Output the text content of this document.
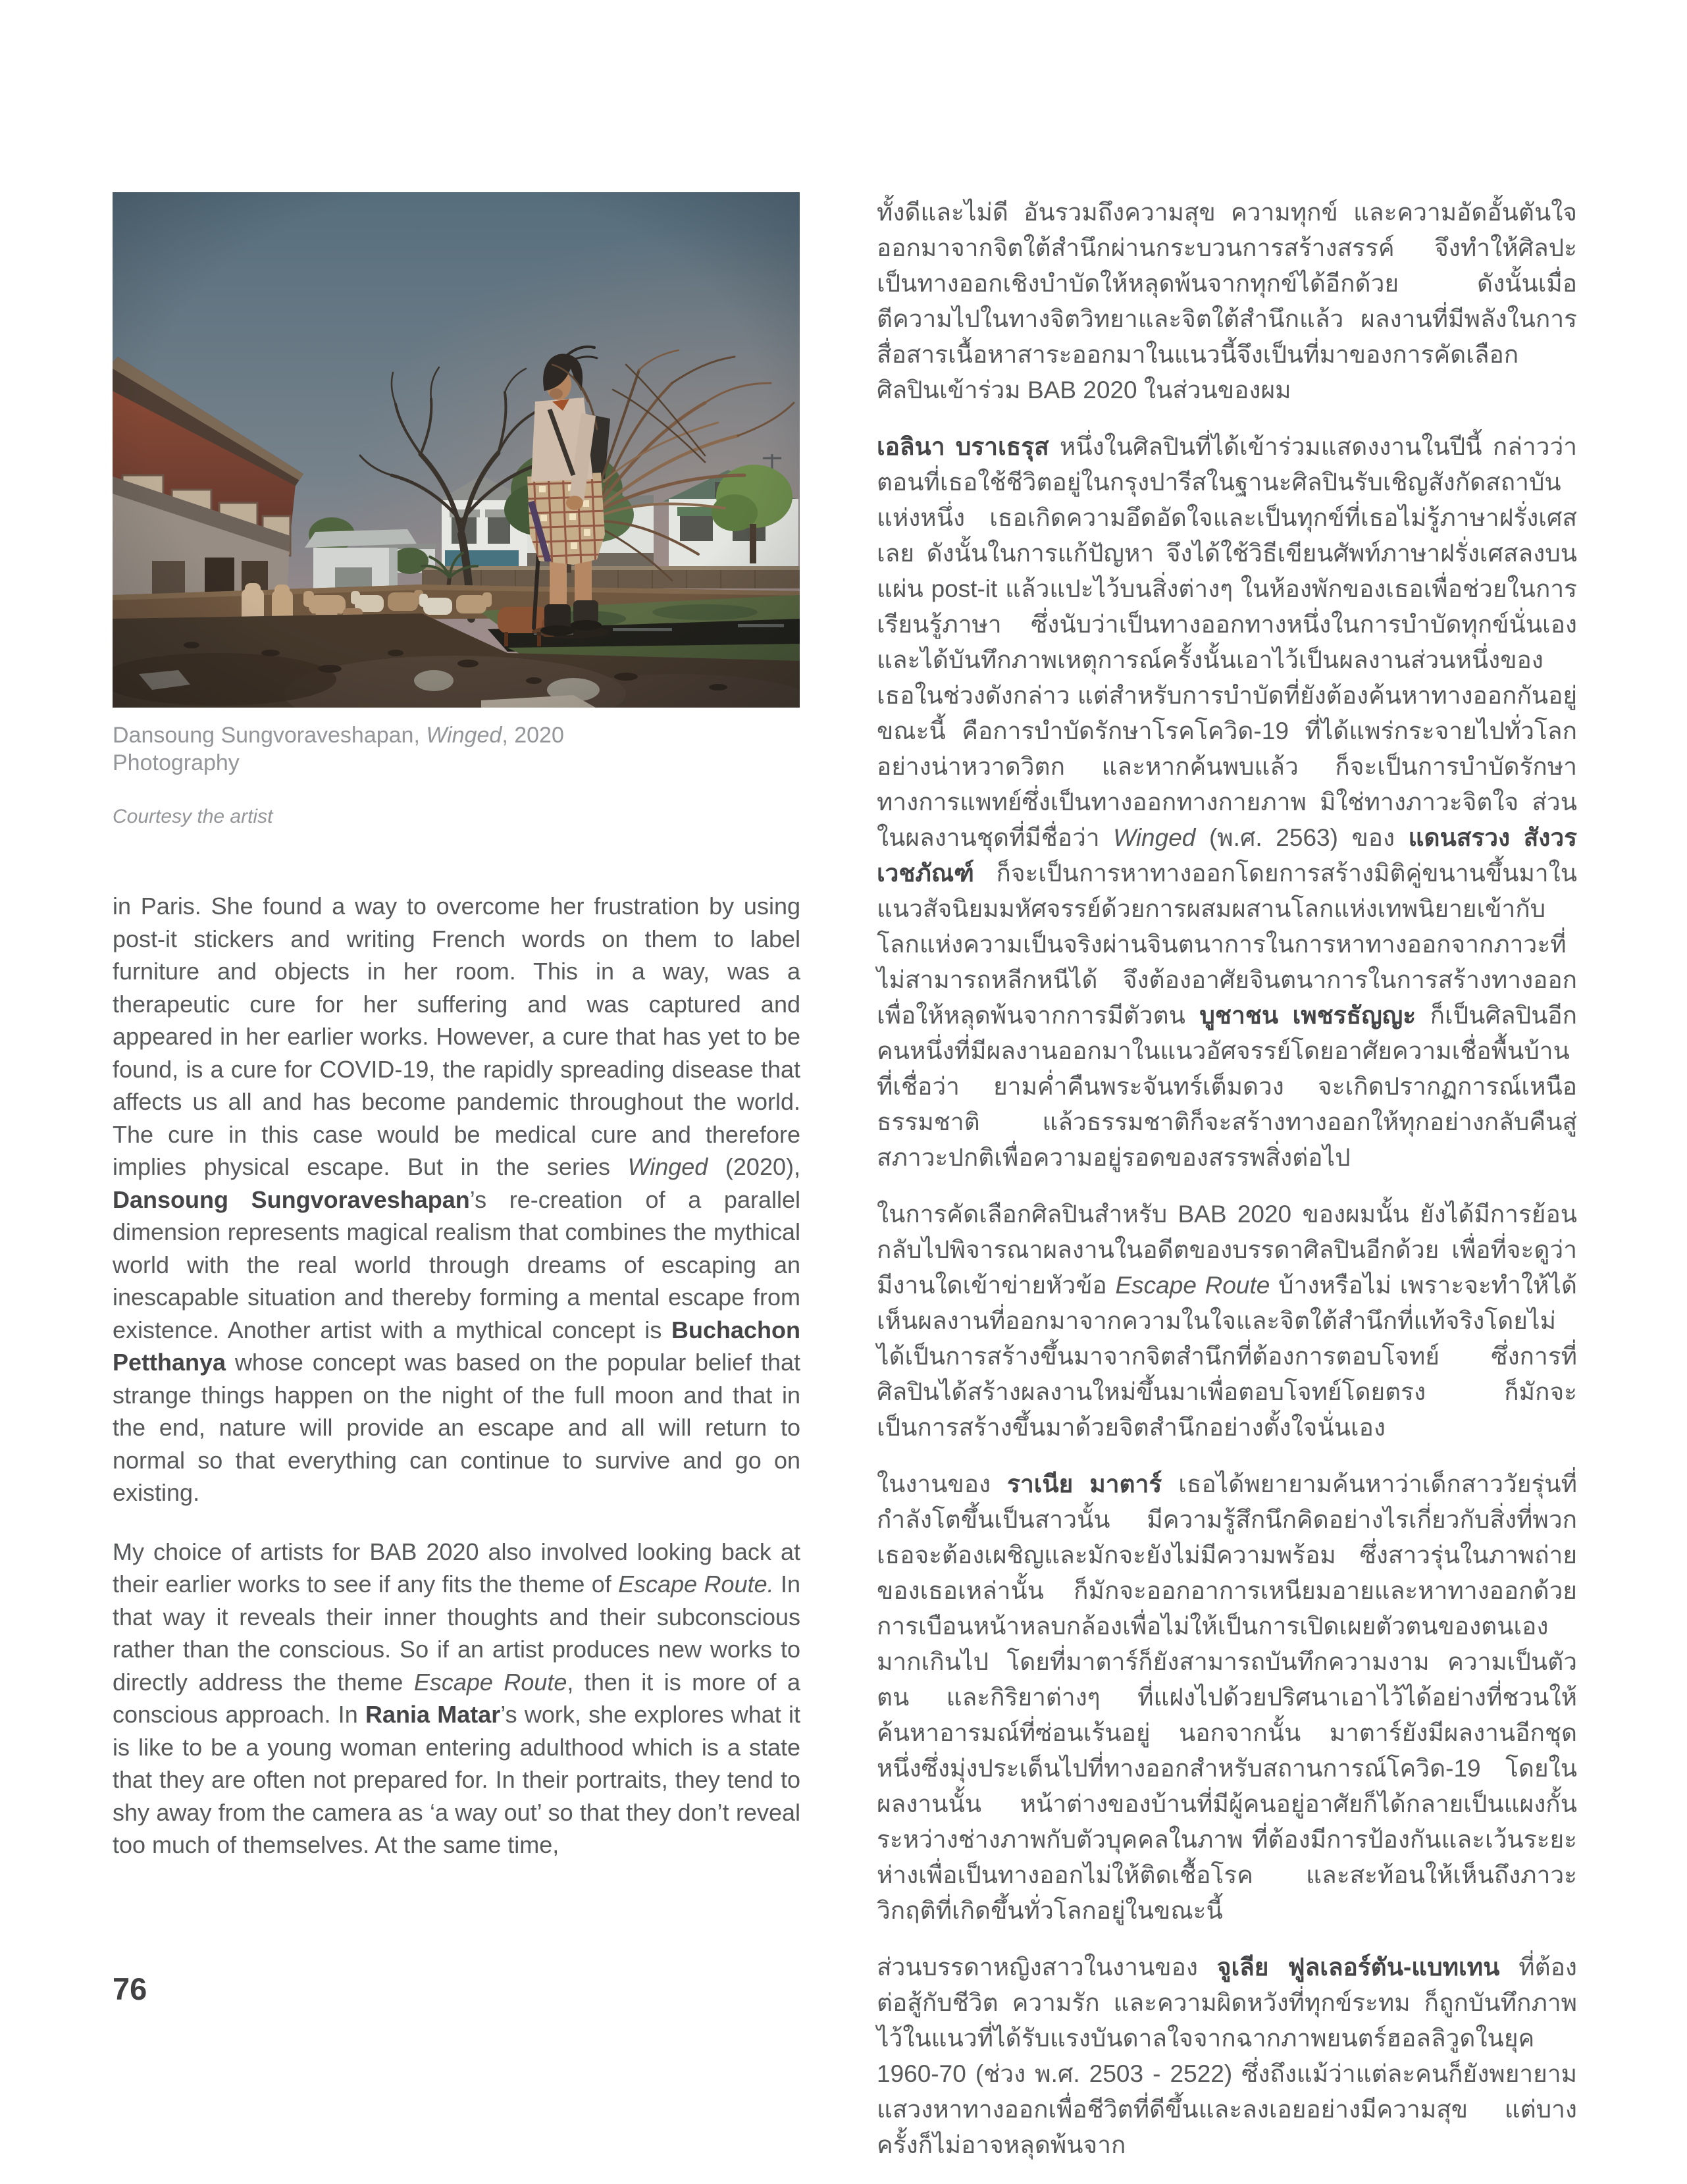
Dansoung Sungvoraveshapan, Winged, 2020

Photography

Courtesy the artist

in Paris. She found a way to overcome her frustration by using post-it stickers and writing French words on them to label furniture and objects in her room. This in a way, was a therapeutic cure for her suffering and was captured and appeared in her earlier works. However, a cure that has yet to be found, is a cure for COVID-19, the rapidly spreading disease that affects us all and has become pandemic throughout the world. The cure in this case would be medical cure and therefore implies physical escape. But in the series Winged (2020), Dansoung Sungvoraveshapan’s re-creation of a parallel dimension represents magical realism that combines the mythical world with the real world through dreams of escaping an inescapable situation and thereby forming a mental escape from existence. Another artist with a mythical concept is Buchachon Petthanya whose concept was based on the popular belief that strange things happen on the night of the full moon and that in the end, nature will provide an escape and all will return to normal so that everything can continue to survive and go on existing.

My choice of artists for BAB 2020 also involved looking back at their earlier works to see if any fits the theme of Escape Route. In that way it reveals their inner thoughts and their subconscious rather than the conscious. So if an artist produces new works to directly address the theme Escape Route, then it is more of a conscious approach. In Rania Matar’s work, she explores what it is like to be a young woman entering adulthood which is a state that they are often not prepared for. In their portraits, they tend to shy away from the camera as ‘a way out’ so that they don’t reveal too much of themselves. At the same time,

ทั้งดีและไม่ดี อันรวมถึงความสุข ความทุกข์ และความอัดอั้นตันใจ ออกมาจากจิตใต้สำนึกผ่านกระบวนการสร้างสรรค์ จึงทำให้ศิลปะเป็นทางออกเชิงบำบัดให้หลุดพ้นจากทุกข์ได้อีกด้วย ดังนั้นเมื่อตีความไปในทางจิตวิทยาและจิตใต้สำนึกแล้ว ผลงานที่มีพลังในการสื่อสารเนื้อหาสาระออกมาในแนวนี้จึงเป็นที่มาของการคัดเลือกศิลปินเข้าร่วม BAB 2020 ในส่วนของผม

เอลินา บราเธรุส หนึ่งในศิลปินที่ได้เข้าร่วมแสดงงานในปีนี้ กล่าวว่า ตอนที่เธอใช้ชีวิตอยู่ในกรุงปารีสในฐานะศิลปินรับเชิญสังกัดสถาบันแห่งหนึ่ง เธอเกิดความอึดอัดใจและเป็นทุกข์ที่เธอไม่รู้ภาษาฝรั่งเศสเลย ดังนั้นในการแก้ปัญหา จึงได้ใช้วิธีเขียนศัพท์ภาษาฝรั่งเศสลงบนแผ่น post-it แล้วแปะไว้บนสิ่งต่างๆ ในห้องพักของเธอเพื่อช่วยในการเรียนรู้ภาษา ซึ่งนับว่าเป็นทางออกทางหนึ่งในการบำบัดทุกข์นั่นเอง และได้บันทึกภาพเหตุการณ์ครั้งนั้นเอาไว้เป็นผลงานส่วนหนึ่งของเธอในช่วงดังกล่าว แต่สำหรับการบำบัดที่ยังต้องค้นหาทางออกกันอยู่ขณะนี้ คือการบำบัดรักษาโรคโควิด-19 ที่ได้แพร่กระจายไปทั่วโลกอย่างน่าหวาดวิตก และหากค้นพบแล้ว ก็จะเป็นการบำบัดรักษาทางการแพทย์ซึ่งเป็นทางออกทางกายภาพ มิใช่ทางภาวะจิตใจ ส่วนในผลงานชุดที่มีชื่อว่า Winged (พ.ศ. 2563) ของ แดนสรวง สังวรเวชภัณฑ์ ก็จะเป็นการหาทางออกโดยการสร้างมิติคู่ขนานขึ้นมาในแนวสัจนิยมมหัศจรรย์ด้วยการผสมผสานโลกแห่งเทพนิยายเข้ากับโลกแห่งความเป็นจริงผ่านจินตนาการในการหาทางออกจากภาวะที่ไม่สามารถหลีกหนีได้ จึงต้องอาศัยจินตนาการในการสร้างทางออกเพื่อให้หลุดพ้นจากการมีตัวตน บูชาชน เพชรธัญญะ ก็เป็นศิลปินอีกคนหนึ่งที่มีผลงานออกมาในแนวอัศจรรย์โดยอาศัยความเชื่อพื้นบ้านที่เชื่อว่า ยามค่ำคืนพระจันทร์เต็มดวง จะเกิดปรากฏการณ์เหนือธรรมชาติ แล้วธรรมชาติก็จะสร้างทางออกให้ทุกอย่างกลับคืนสู่สภาวะปกติเพื่อความอยู่รอดของสรรพสิ่งต่อไป

ในการคัดเลือกศิลปินสำหรับ BAB 2020 ของผมนั้น ยังได้มีการย้อนกลับไปพิจารณาผลงานในอดีตของบรรดาศิลปินอีกด้วย เพื่อที่จะดูว่ามีงานใดเข้าข่ายหัวข้อ Escape Route บ้างหรือไม่ เพราะจะทำให้ได้เห็นผลงานที่ออกมาจากความในใจและจิตใต้สำนึกที่แท้จริงโดยไม่ได้เป็นการสร้างขึ้นมาจากจิตสำนึกที่ต้องการตอบโจทย์ ซึ่งการที่ศิลปินได้สร้างผลงานใหม่ขึ้นมาเพื่อตอบโจทย์โดยตรง ก็มักจะเป็นการสร้างขึ้นมาด้วยจิตสำนึกอย่างตั้งใจนั่นเอง

ในงานของ ราเนีย มาตาร์ เธอได้พยายามค้นหาว่าเด็กสาววัยรุ่นที่กำลังโตขึ้นเป็นสาวนั้น มีความรู้สึกนึกคิดอย่างไรเกี่ยวกับสิ่งที่พวกเธอจะต้องเผชิญและมักจะยังไม่มีความพร้อม ซึ่งสาวรุ่นในภาพถ่ายของเธอเหล่านั้น ก็มักจะออกอาการเหนียมอายและหาทางออกด้วยการเบือนหน้าหลบกล้องเพื่อไม่ให้เป็นการเปิดเผยตัวตนของตนเองมากเกินไป โดยที่มาตาร์ก็ยังสามารถบันทึกความงาม ความเป็นตัวตน และกิริยาต่างๆ ที่แฝงไปด้วยปริศนาเอาไว้ได้อย่างที่ชวนให้ค้นหาอารมณ์ที่ซ่อนเร้นอยู่ นอกจากนั้น มาตาร์ยังมีผลงานอีกชุดหนึ่งซึ่งมุ่งประเด็นไปที่ทางออกสำหรับสถานการณ์โควิด-19 โดยในผลงานนั้น หน้าต่างของบ้านที่มีผู้คนอยู่อาศัยก็ได้กลายเป็นแผงกั้นระหว่างช่างภาพกับตัวบุคคลในภาพ ที่ต้องมีการป้องกันและเว้นระยะห่างเพื่อเป็นทางออกไม่ให้ติดเชื้อโรค และสะท้อนให้เห็นถึงภาวะวิกฤติที่เกิดขึ้นทั่วโลกอยู่ในขณะนี้

ส่วนบรรดาหญิงสาวในงานของ จูเลีย ฟูลเลอร์ตัน-แบทเทน ที่ต้องต่อสู้กับชีวิต ความรัก และความผิดหวังที่ทุกข์ระทม ก็ถูกบันทึกภาพไว้ในแนวที่ได้รับแรงบันดาลใจจากฉากภาพยนตร์ฮอลลิวูดในยุค 1960-70 (ช่วง พ.ศ. 2503 - 2522) ซึ่งถึงแม้ว่าแต่ละคนก็ยังพยายามแสวงหาทางออกเพื่อชีวิตที่ดีขึ้นและลงเอยอย่างมีความสุข แต่บางครั้งก็ไม่อาจหลุดพ้นจาก

76
